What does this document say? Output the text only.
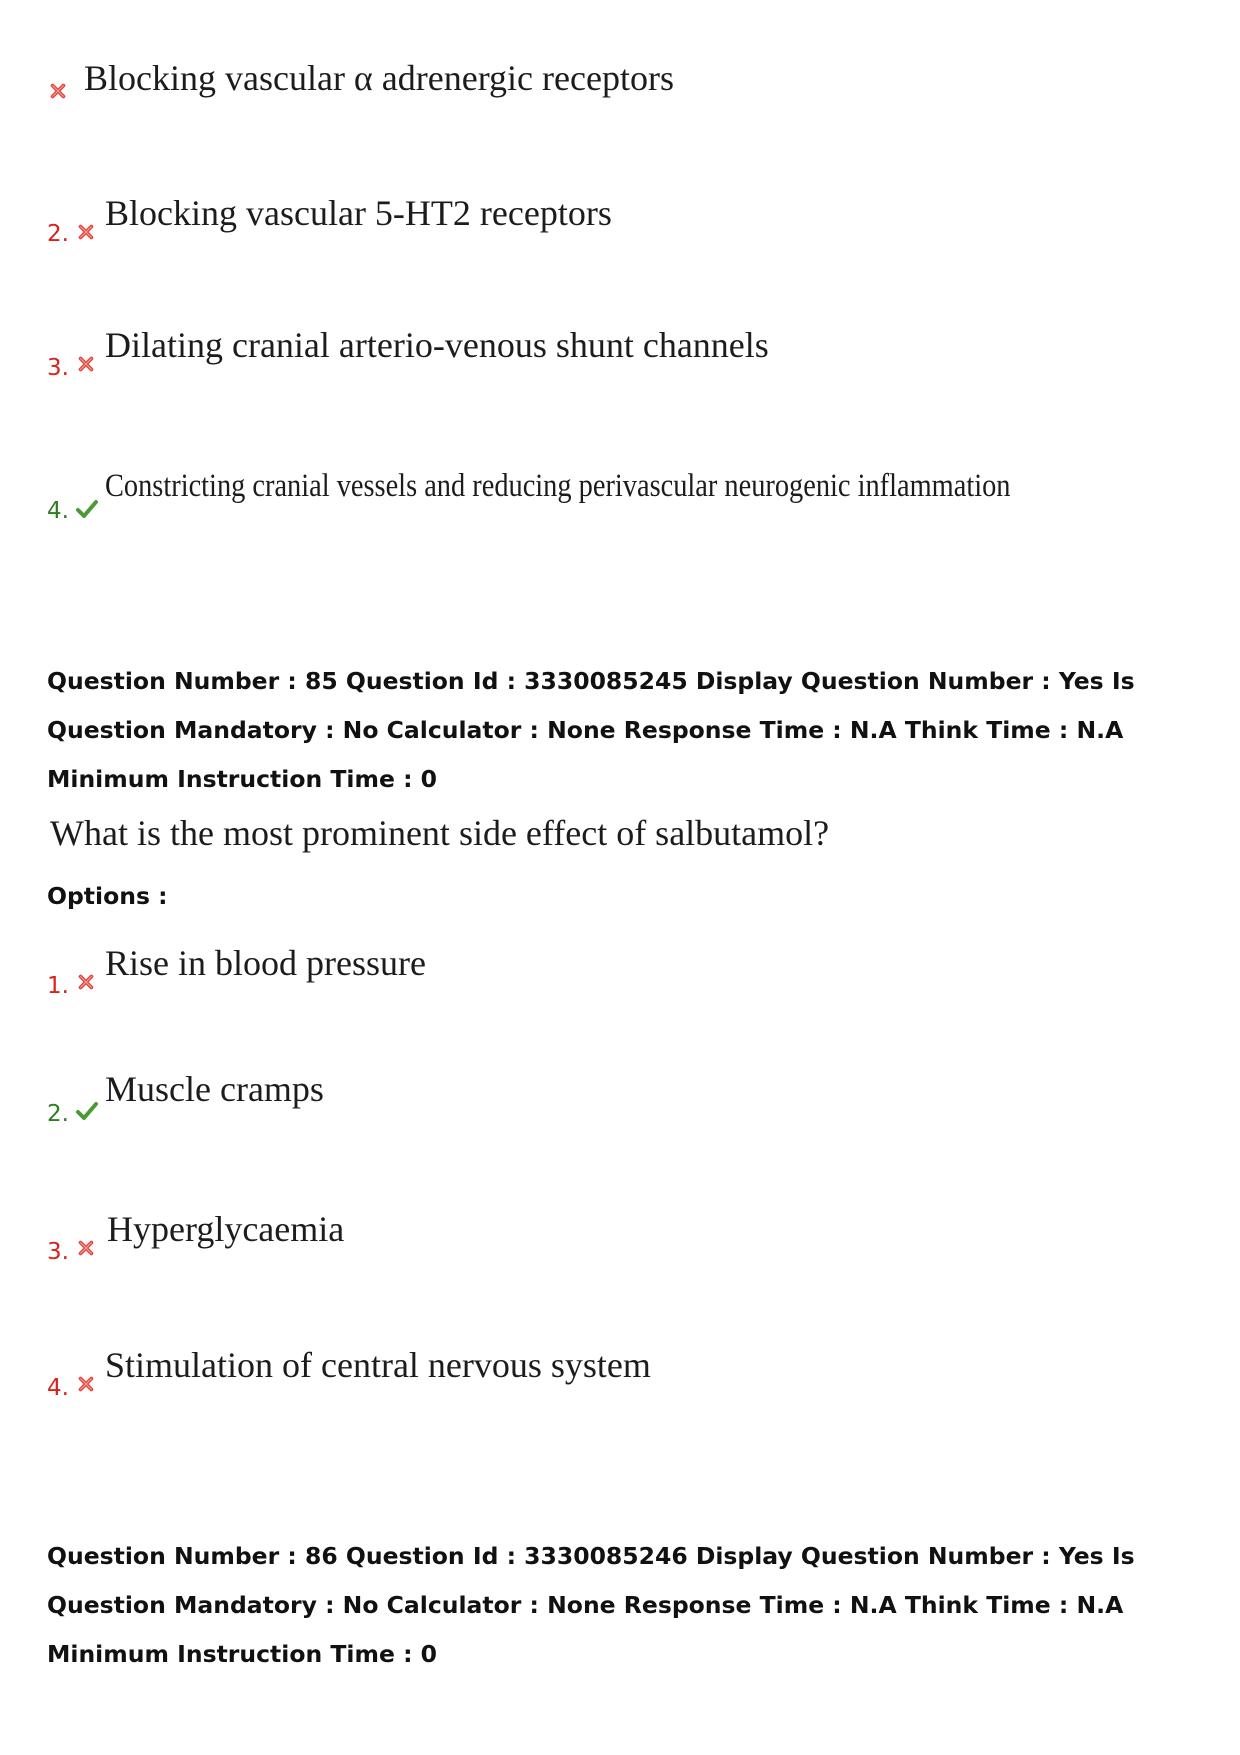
Blocking vascular α adrenergic receptors
2.
Blocking vascular 5-HT2 receptors
3.
Dilating cranial arterio-venous shunt channels
4.
Constricting cranial vessels and reducing perivascular neurogenic inflammation

Question Number : 85 Question Id : 3330085245 Display Question Number : Yes Is Question Mandatory : No Calculator : None Response Time : N.A Think Time : N.A Minimum Instruction Time : 0

What is the most prominent side effect of salbutamol?
Options :
1.
Rise in blood pressure
2.
Muscle cramps
3.
Hyperglycaemia
4.
Stimulation of central nervous system

Question Number : 86 Question Id : 3330085246 Display Question Number : Yes Is Question Mandatory : No Calculator : None Response Time : N.A Think Time : N.A Minimum Instruction Time : 0
